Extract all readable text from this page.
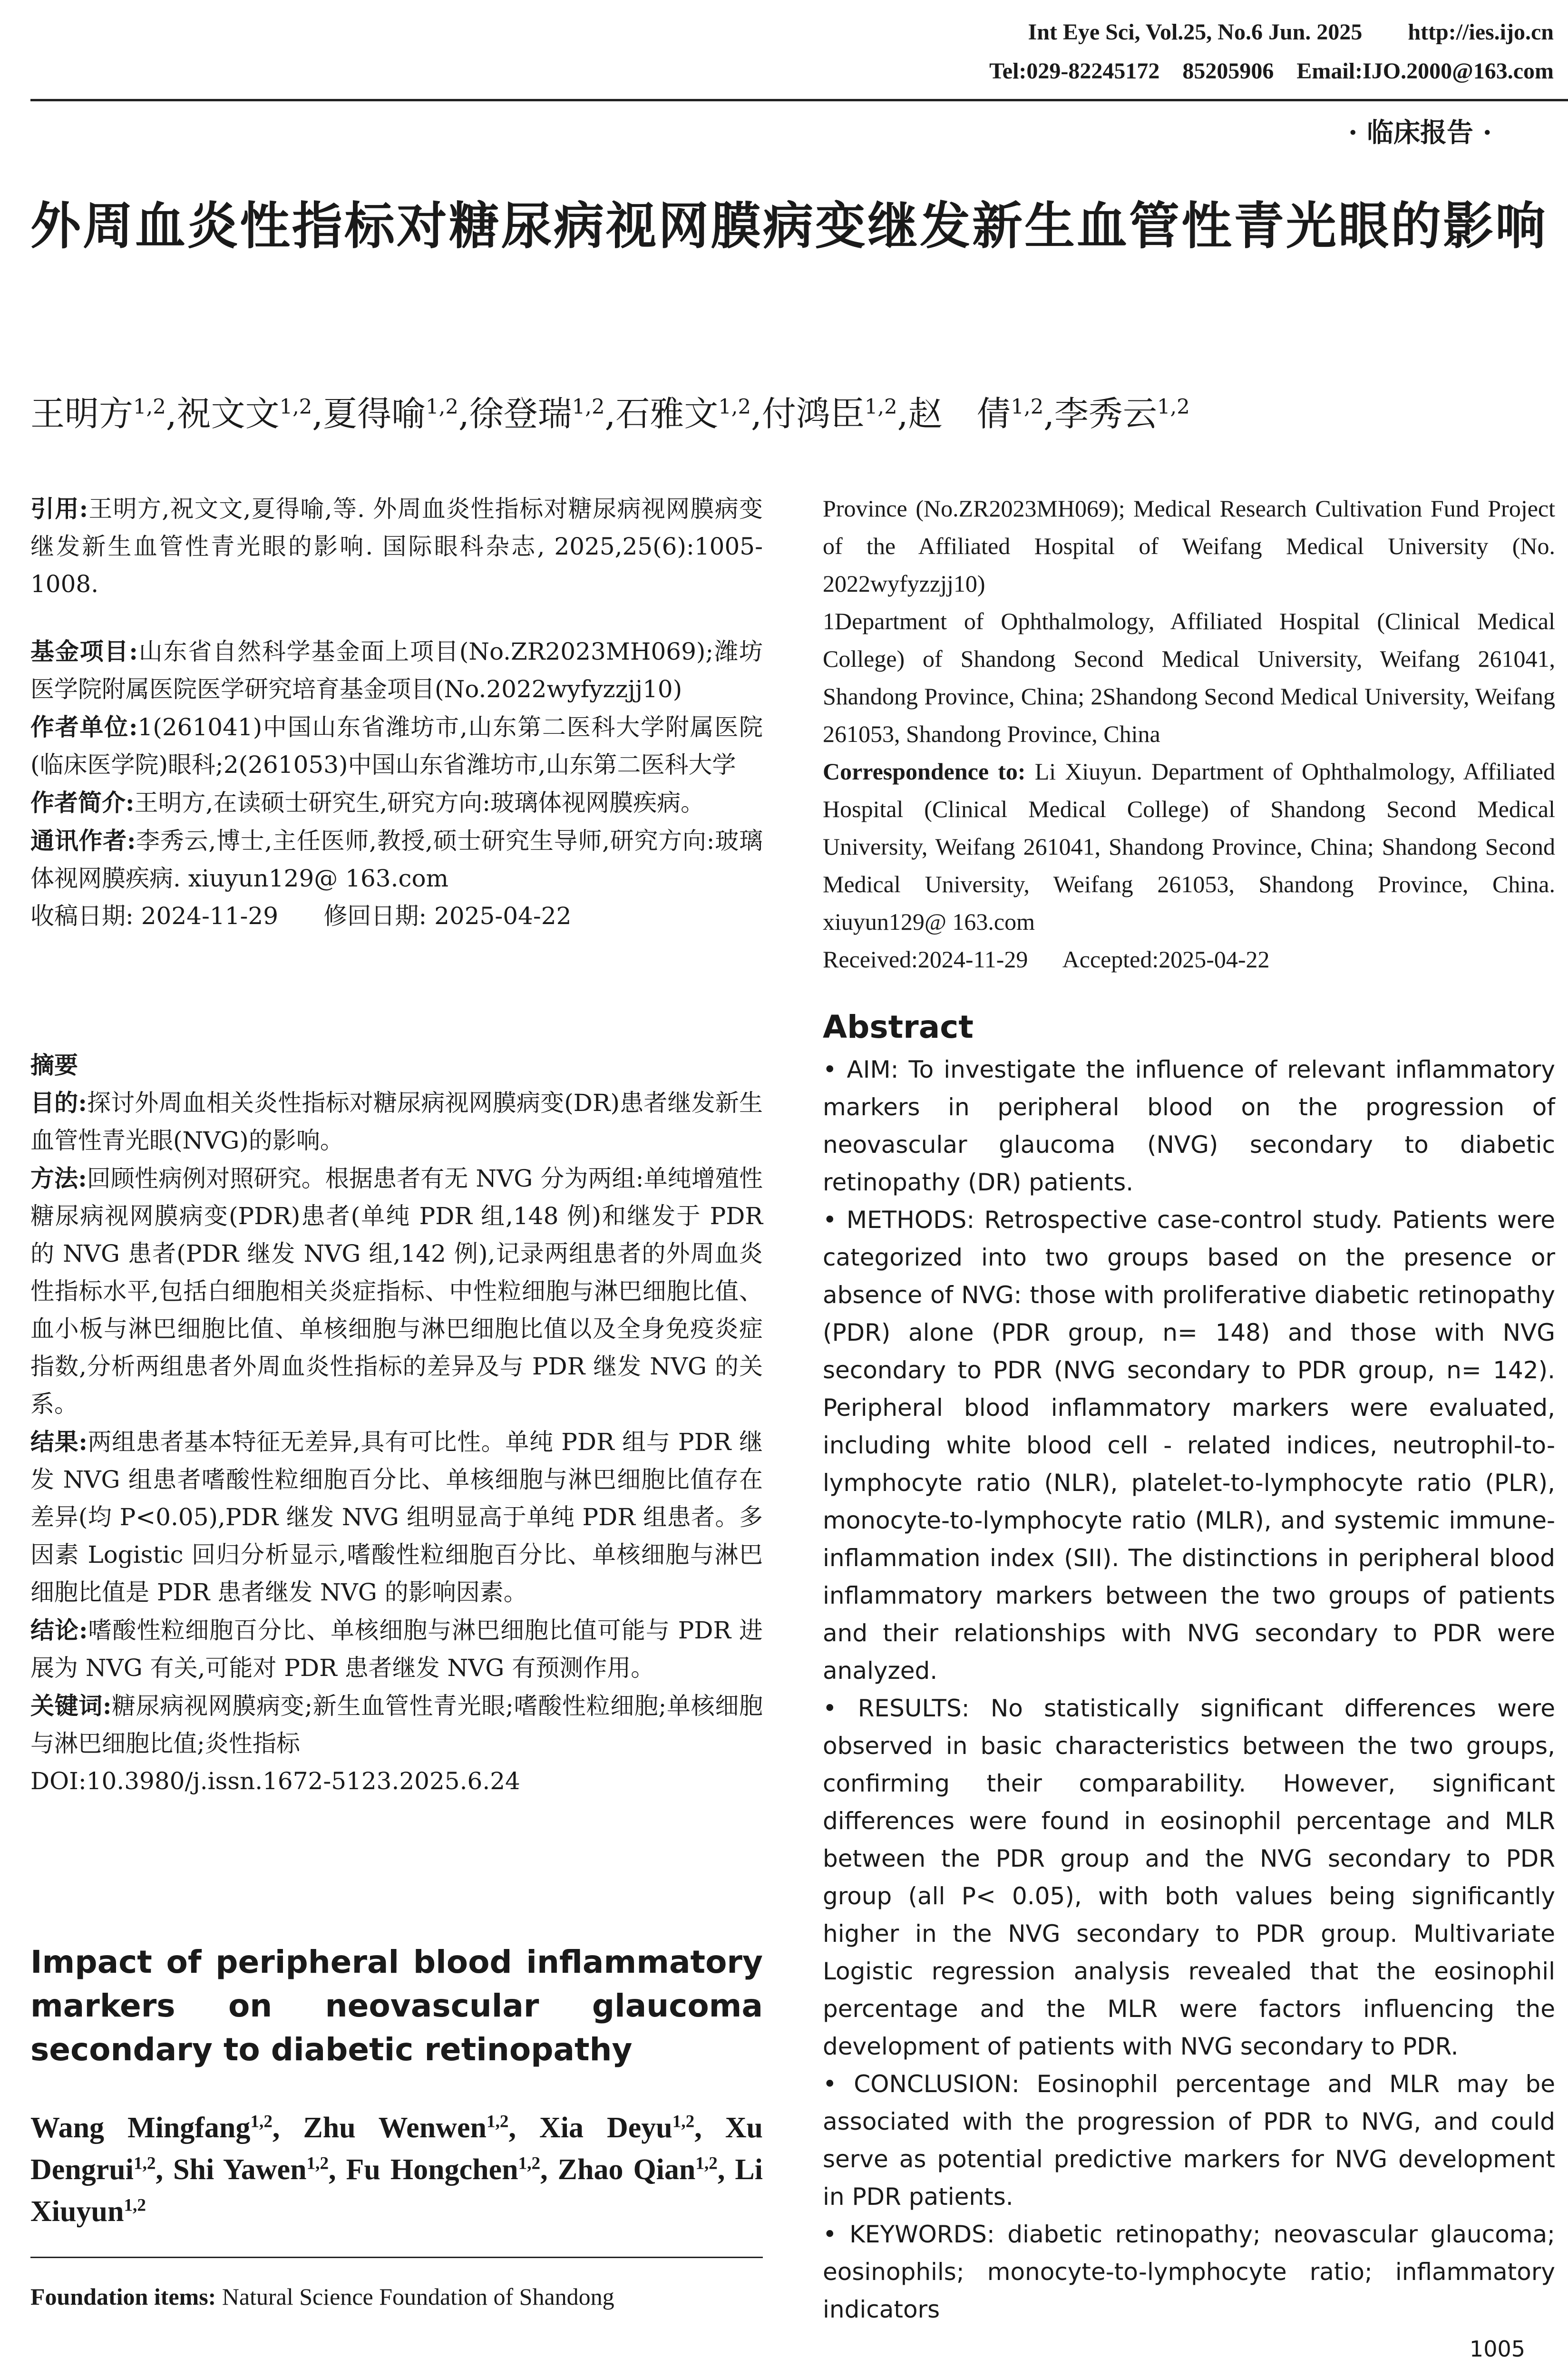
Int Eye Sci, Vol.25, No.6 Jun. 2025        http://ies.ijo.cn
Tel:029-82245172    85205906    Email:IJO.2000@163.com
· 临床报告 ·
外周血炎性指标对糖尿病视网膜病变继发新生血管性青光眼的影响
王明方$^{1,2}$,祝文文$^{1,2}$,夏得喻$^{1,2}$,徐登瑞$^{1,2}$,石雅文$^{1,2}$,付鸿臣$^{1,2}$,赵　倩$^{1,2}$,李秀云$^{1,2}$
引用:王明方,祝文文,夏得喻,等. 外周血炎性指标对糖尿病视网膜病变继发新生血管性青光眼的影响. 国际眼科杂志, 2025,25(6):1005-1008.

基金项目:山东省自然科学基金面上项目(No.ZR2023MH069);潍坊医学院附属医院医学研究培育基金项目(No.2022wyfyzzjj10)

作者单位:1(261041)中国山东省潍坊市,山东第二医科大学附属医院(临床医学院)眼科;2(261053)中国山东省潍坊市,山东第二医科大学

作者简介:王明方,在读硕士研究生,研究方向:玻璃体视网膜疾病。

通讯作者:李秀云,博士,主任医师,教授,硕士研究生导师,研究方向:玻璃体视网膜疾病. xiuyun129@ 163.com

收稿日期: 2024-11-29      修回日期: 2025-04-22

摘要

目的:探讨外周血相关炎性指标对糖尿病视网膜病变(DR)患者继发新生血管性青光眼(NVG)的影响。

方法:回顾性病例对照研究。根据患者有无 NVG 分为两组:单纯增殖性糖尿病视网膜病变(PDR)患者(单纯 PDR 组,148 例)和继发于 PDR 的 NVG 患者(PDR 继发 NVG 组,142 例),记录两组患者的外周血炎性指标水平,包括白细胞相关炎症指标、中性粒细胞与淋巴细胞比值、血小板与淋巴细胞比值、单核细胞与淋巴细胞比值以及全身免疫炎症指数,分析两组患者外周血炎性指标的差异及与 PDR 继发 NVG 的关系。

结果:两组患者基本特征无差异,具有可比性。单纯 PDR 组与 PDR 继发 NVG 组患者嗜酸性粒细胞百分比、单核细胞与淋巴细胞比值存在差异(均 P<0.05),PDR 继发 NVG 组明显高于单纯 PDR 组患者。多因素 Logistic 回归分析显示,嗜酸性粒细胞百分比、单核细胞与淋巴细胞比值是 PDR 患者继发 NVG 的影响因素。

结论:嗜酸性粒细胞百分比、单核细胞与淋巴细胞比值可能与 PDR 进展为 NVG 有关,可能对 PDR 患者继发 NVG 有预测作用。

关键词:糖尿病视网膜病变;新生血管性青光眼;嗜酸性粒细胞;单核细胞与淋巴细胞比值;炎性指标

DOI:10.3980/j.issn.1672-5123.2025.6.24

Impact of peripheral blood inflammatory markers on neovascular glaucoma secondary to diabetic retinopathy
Wang Mingfang$^{1,2}$, Zhu Wenwen$^{1,2}$, Xia Deyu$^{1,2}$, Xu Dengrui$^{1,2}$, Shi Yawen$^{1,2}$, Fu Hongchen$^{1,2}$, Zhao Qian$^{1,2}$, Li Xiuyun$^{1,2}$
Foundation items: Natural Science Foundation of Shandong

Province (No.ZR2023MH069); Medical Research Cultivation Fund Project of the Affiliated Hospital of Weifang Medical University (No. 2022wyfyzzjj10)

1Department of Ophthalmology, Affiliated Hospital (Clinical Medical College) of Shandong Second Medical University, Weifang 261041, Shandong Province, China; 2Shandong Second Medical University, Weifang 261053, Shandong Province, China

Correspondence to: Li Xiuyun. Department of Ophthalmology, Affiliated Hospital (Clinical Medical College) of Shandong Second Medical University, Weifang 261041, Shandong Province, China; Shandong Second Medical University, Weifang 261053, Shandong Province, China. xiuyun129@ 163.com

Received:2024-11-29      Accepted:2025-04-22

Abstract

• AIM: To investigate the influence of relevant inflammatory markers in peripheral blood on the progression of neovascular glaucoma (NVG) secondary to diabetic retinopathy (DR) patients.

• METHODS: Retrospective case-control study. Patients were categorized into two groups based on the presence or absence of NVG: those with proliferative diabetic retinopathy (PDR) alone (PDR group, n= 148) and those with NVG secondary to PDR (NVG secondary to PDR group, n= 142). Peripheral blood inflammatory markers were evaluated, including white blood cell - related indices, neutrophil-to-lymphocyte ratio (NLR), platelet-to-lymphocyte ratio (PLR), monocyte-to-lymphocyte ratio (MLR), and systemic immune-inflammation index (SII). The distinctions in peripheral blood inflammatory markers between the two groups of patients and their relationships with NVG secondary to PDR were analyzed.

• RESULTS: No statistically significant differences were observed in basic characteristics between the two groups, confirming their comparability. However, significant differences were found in eosinophil percentage and MLR between the PDR group and the NVG secondary to PDR group (all P< 0.05), with both values being significantly higher in the NVG secondary to PDR group. Multivariate Logistic regression analysis revealed that the eosinophil percentage and the MLR were factors influencing the development of patients with NVG secondary to PDR.

• CONCLUSION: Eosinophil percentage and MLR may be associated with the progression of PDR to NVG, and could serve as potential predictive markers for NVG development in PDR patients.

• KEYWORDS: diabetic retinopathy; neovascular glaucoma; eosinophils; monocyte-to-lymphocyte ratio; inflammatory indicators

1005
